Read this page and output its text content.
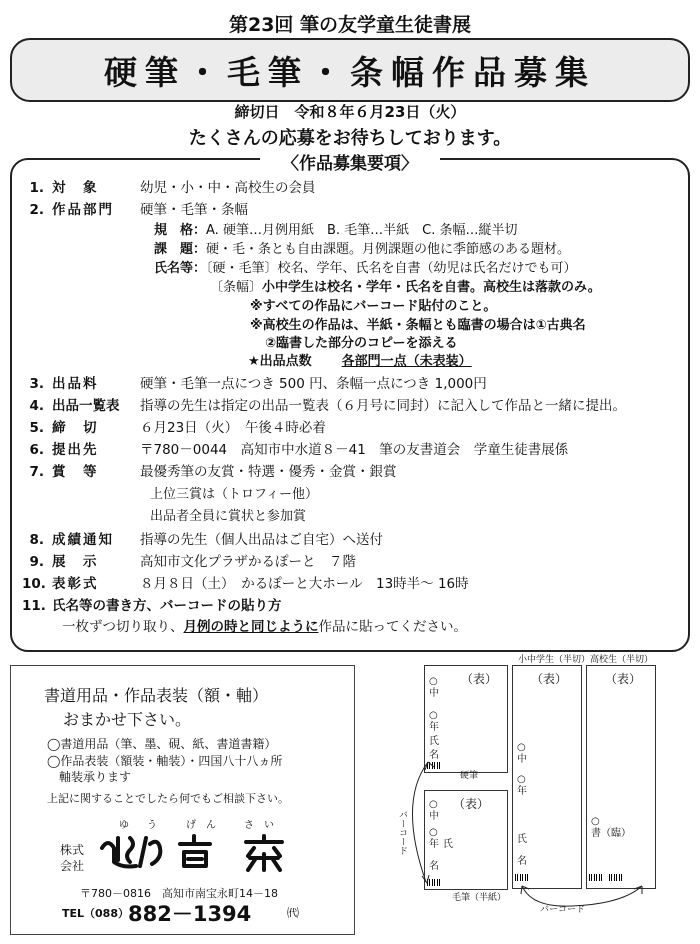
第23回 筆の友学童生徒書展
硬筆・毛筆・条幅作品募集
締切日　令和８年６月23日（火）
たくさんの応募をお待ちしております。
〈作品募集要項〉
1. 対　象	幼児・小・中・高校生の会員
2. 作品部門 硬筆・毛筆・条幅
規　格：A. 硬筆…月例用紙　B. 毛筆…半紙　C. 条幅…縦半切
課　題：硬・毛・条とも自由課題。月例課題の他に季節感のある題材。
氏名等：〔硬・毛筆〕校名、学年、氏名を自書（幼児は氏名だけでも可）
〔条幅〕小中学生は校名・学年・氏名を自書。高校生は落款のみ。
※すべての作品にバーコード貼付のこと。
※高校生の作品は、半紙・条幅とも臨書の場合は①古典名
②臨書した部分のコピーを添える
★出品点数 各部門一点（未表装）
3. 出品料	硬筆・毛筆一点につき 500 円、条幅一点につき 1,000円
4. 出品一覧表 指導の先生は指定の出品一覧表（６月号に同封）に記入して作品と一緒に提出。
5. 締　切	６月23日（火）　午後４時必着
6. 提出先	〒780－0044　高知市中水道８－41　筆の友書道会　学童生徒書展係
7. 賞　等	最優秀筆の友賞・特選・優秀・金賞・銀賞
上位三賞は（トロフィー他）
出品者全員に賞状と参加賞
8. 成績通知 指導の先生（個人出品はご自宅）へ送付
9. 展　示	高知市文化プラザかるぽーと　７階
10. 表彰式	８月８日（土）　かるぽーと大ホール　13時半～ 16時
11. 氏名等の書き方、バーコードの貼り方
一枚ずつ切り取り、月例の時と同じように作品に貼ってください。
書道用品・作品表装（額・軸）
おまかせ下さい。
◯書道用品（筆、墨、硯、紙、書道書籍）
◯作品表装（額装・軸装）・四国八十八ヵ所
　軸装承ります
上記に関することでしたら何でもご相談下さい。
ゆ う	げ ん	さ い
株式
会社
〒780－0816　高知市南宝永町14－18
TEL（088） 882－1394	㈹
小中学生（半切） 高校生（半切）
（表）
○
中
○
年
氏
名
硬筆
（表）
○
中
○
年 氏
名
毛筆（半紙）
（表）
○
中
○
年
氏
名
（表）
○
書（臨）
バーコード
バーコード
